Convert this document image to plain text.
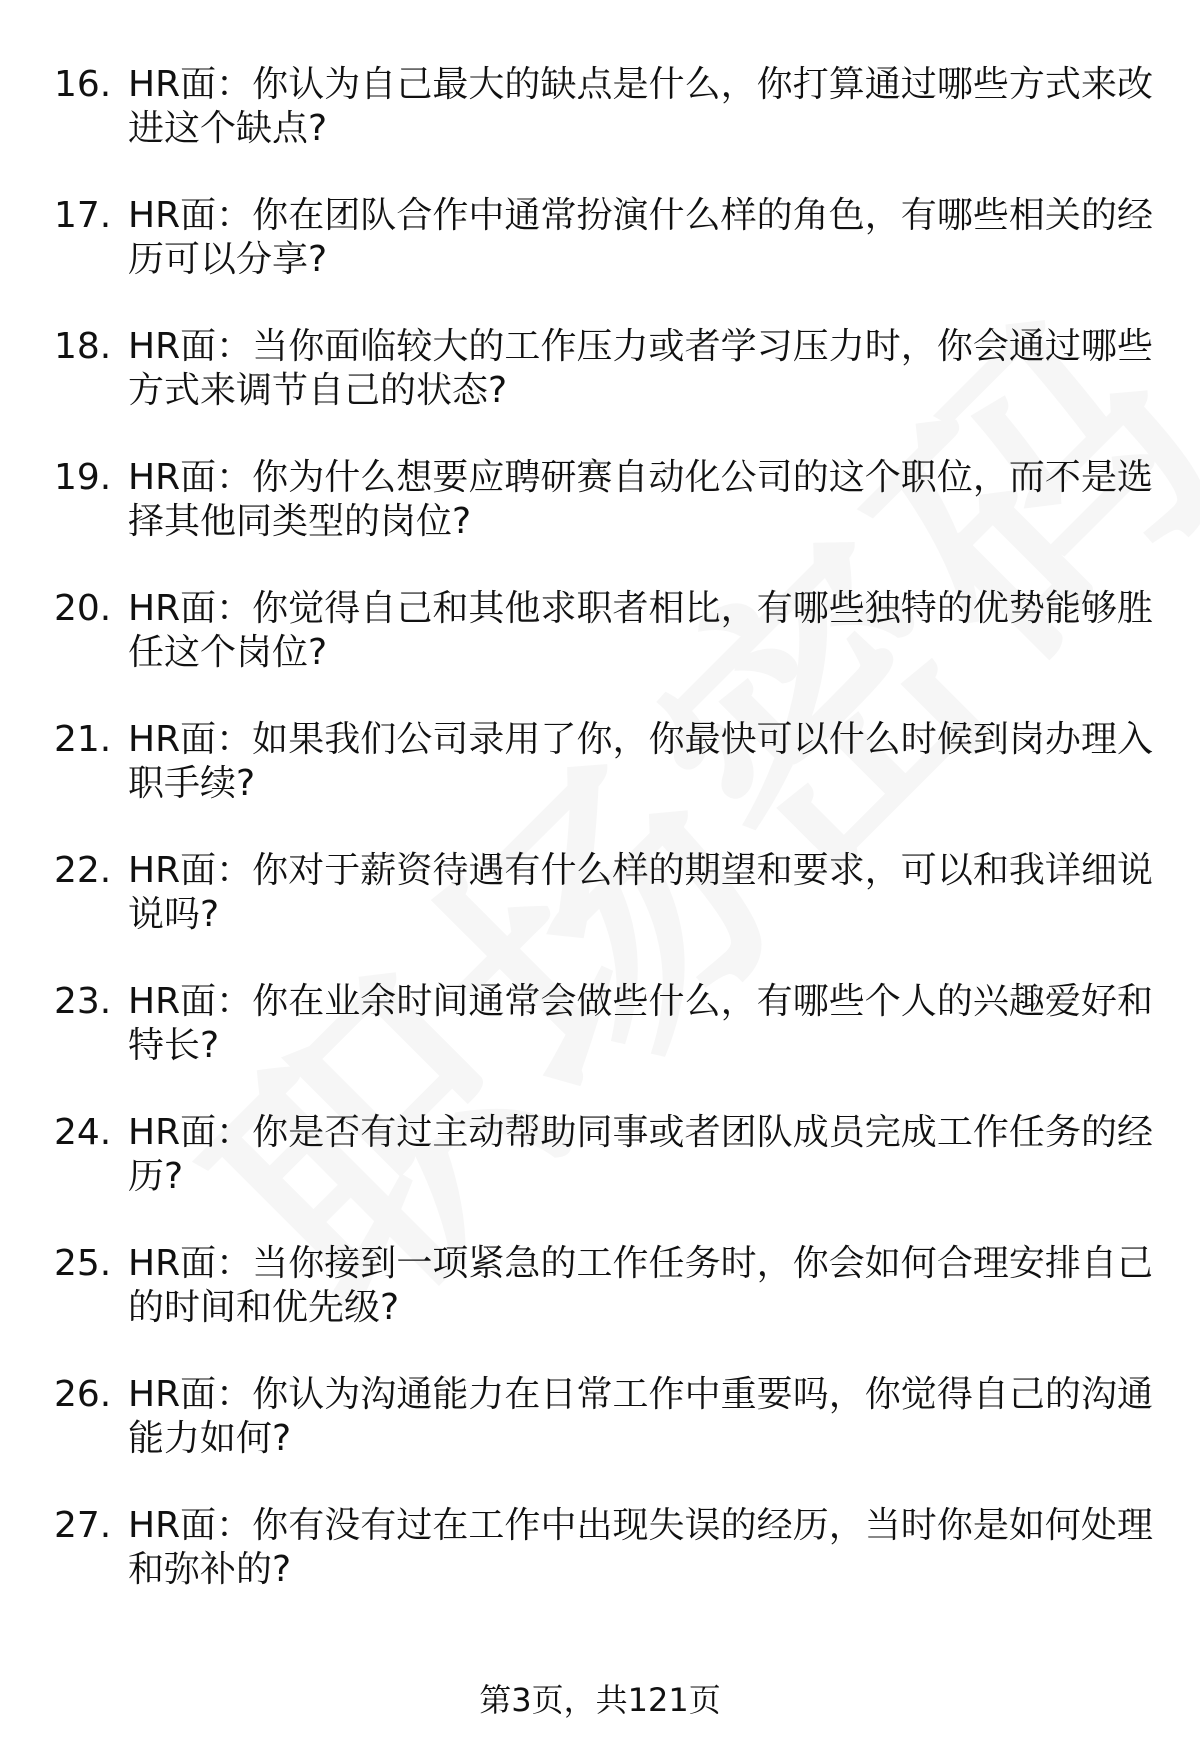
16. HR面：你认为自己最大的缺点是什么，你打算通过哪些方式来改进这个缺点?
17. HR面：你在团队合作中通常扮演什么样的角色，有哪些相关的经历可以分享?
18. HR面：当你面临较大的工作压力或者学习压力时，你会通过哪些方式来调节自己的状态?
19. HR面：你为什么想要应聘研赛自动化公司的这个职位，而不是选择其他同类型的岗位?
20. HR面：你觉得自己和其他求职者相比，有哪些独特的优势能够胜任这个岗位?
21. HR面：如果我们公司录用了你，你最快可以什么时候到岗办理入职手续?
22. HR面：你对于薪资待遇有什么样的期望和要求，可以和我详细说说吗?
23. HR面：你在业余时间通常会做些什么，有哪些个人的兴趣爱好和特长?
24. HR面：你是否有过主动帮助同事或者团队成员完成工作任务的经历?
25. HR面：当你接到一项紧急的工作任务时，你会如何合理安排自己的时间和优先级?
26. HR面：你认为沟通能力在日常工作中重要吗，你觉得自己的沟通能力如何?
27. HR面：你有没有过在工作中出现失误的经历，当时你是如何处理和弥补的?
第3页，共121页
